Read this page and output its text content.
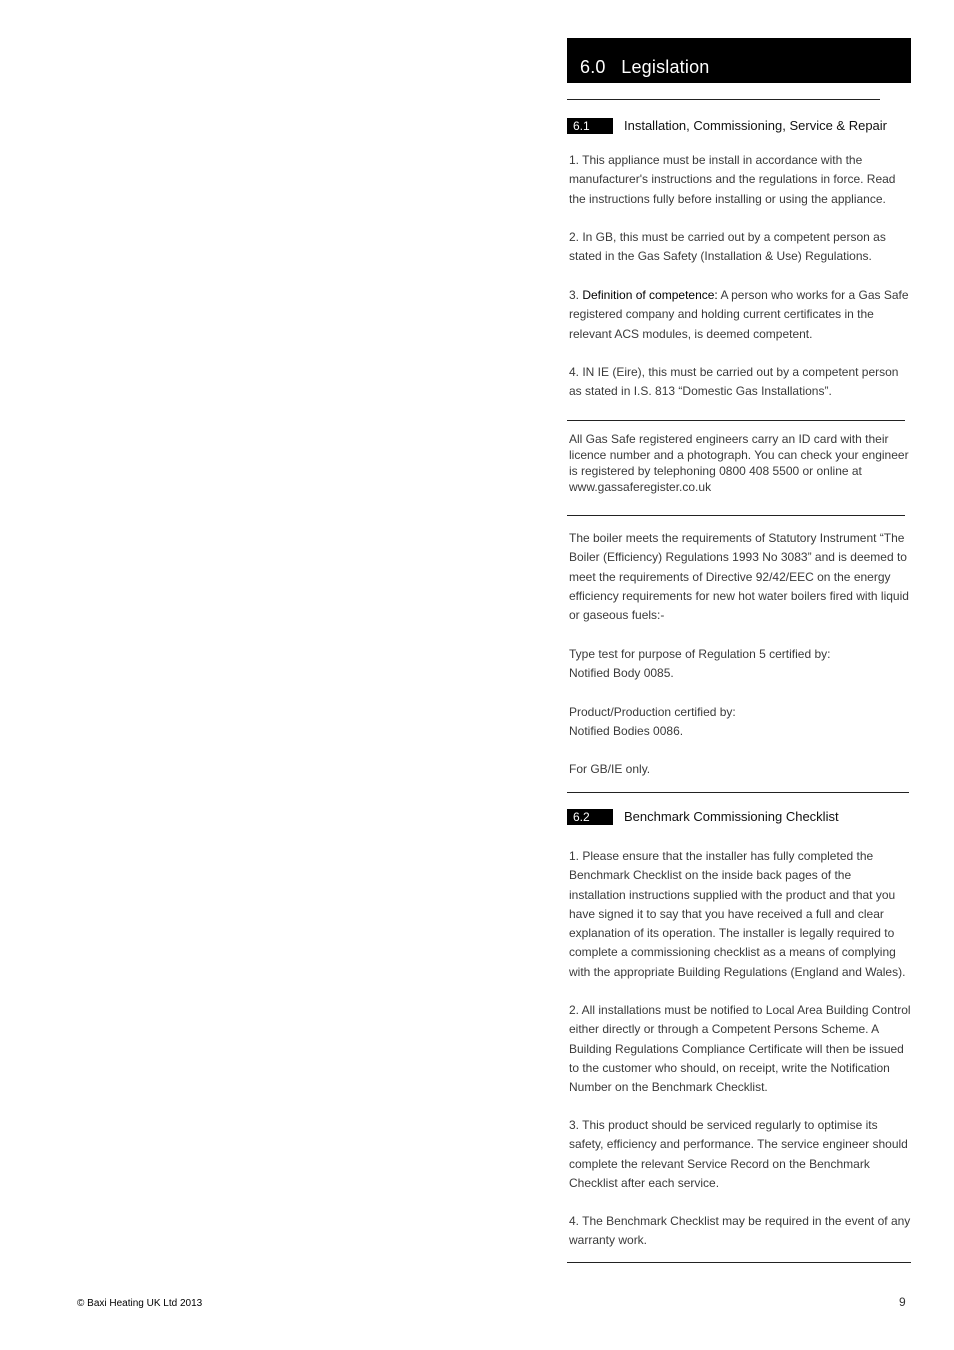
6.0 Legislation
6.1	Installation, Commissioning, Service & Repair

1. This appliance must be install in accordance with the manufacturer's instructions and the regulations in force. Read the instructions fully before installing or using the appliance.

2. In GB, this must be carried out by a competent person as stated in the Gas Safety (Installation & Use) Regulations.

3. Definition of competence: A person who works for a Gas Safe registered company and holding current certificates in the relevant ACS modules, is deemed competent.

4. IN IE (Eire), this must be carried out by a competent person as stated in I.S. 813 “Domestic Gas Installations”.

All Gas Safe registered engineers carry an ID card with their licence number and a photograph. You can check your engineer is registered by telephoning 0800 408 5500 or online at www.gassaferegister.co.uk

The boiler meets the requirements of Statutory Instrument “The Boiler (Efficiency) Regulations 1993 No 3083” and is deemed to meet the requirements of Directive 92/42/EEC on the energy efficiency requirements for new hot water boilers fired with liquid or gaseous fuels:-

Type test for purpose of Regulation 5 certified by:
Notified Body 0085.

Product/Production certified by:
Notified Bodies 0086.

For GB/IE only.

6.2	Benchmark Commissioning Checklist

1. Please ensure that the installer has fully completed the Benchmark Checklist on the inside back pages of the installation instructions supplied with the product and that you have signed it to say that you have received a full and clear explanation of its operation. The installer is legally required to complete a commissioning checklist as a means of complying with the appropriate Building Regulations (England and Wales).

2. All installations must be notified to Local Area Building Control either directly or through a Competent Persons Scheme. A Building Regulations Compliance Certificate will then be issued to the customer who should, on receipt, write the Notification Number on the Benchmark Checklist.

3. This product should be serviced regularly to optimise its safety, efficiency and performance. The service engineer should complete the relevant Service Record on the Benchmark Checklist after each service.

4. The Benchmark Checklist may be required in the event of any warranty work.

© Baxi Heating UK Ltd 2013	9
